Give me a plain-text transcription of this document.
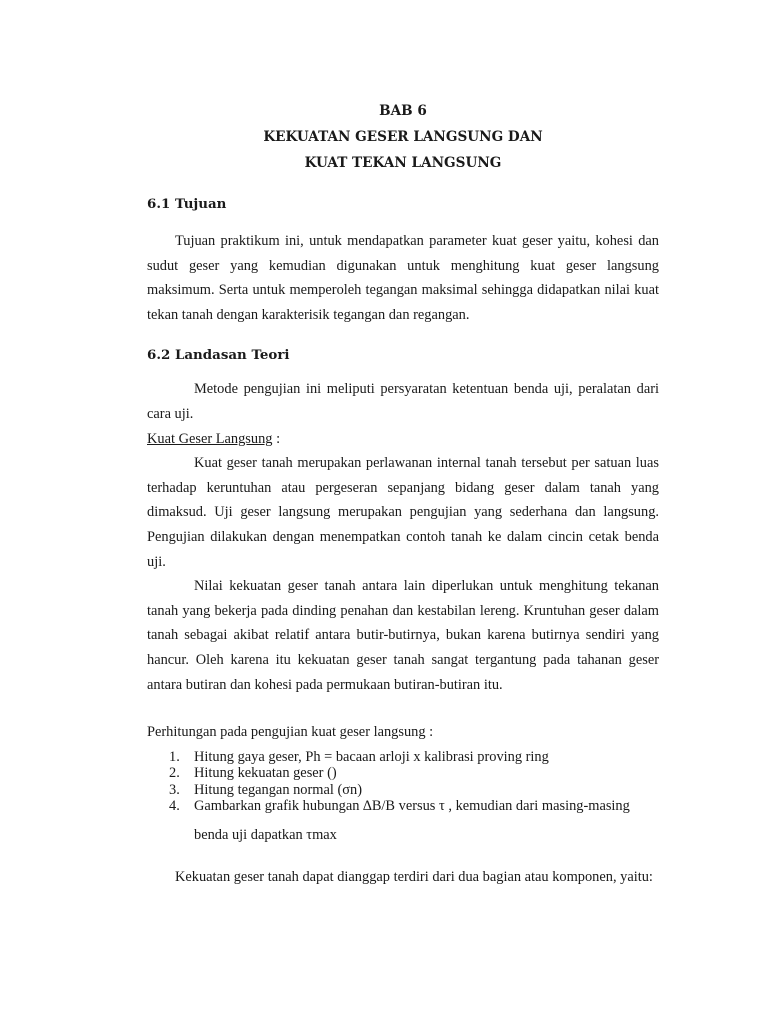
BAB 6
KEKUATAN GESER LANGSUNG DAN
KUAT TEKAN LANGSUNG
6.1 Tujuan

Tujuan praktikum ini, untuk mendapatkan parameter kuat geser yaitu, kohesi dan sudut geser yang kemudian digunakan untuk menghitung kuat geser langsung maksimum. Serta untuk memperoleh tegangan maksimal sehingga didapatkan nilai kuat tekan tanah dengan karakterisik tegangan dan regangan.

6.2 Landasan Teori

Metode pengujian ini meliputi persyaratan ketentuan benda uji, peralatan dari cara uji.

Kuat Geser Langsung :

Kuat geser tanah merupakan perlawanan internal tanah tersebut per satuan luas terhadap keruntuhan atau pergeseran sepanjang bidang geser dalam tanah yang dimaksud. Uji geser langsung merupakan pengujian yang sederhana dan langsung. Pengujian dilakukan dengan menempatkan contoh tanah ke dalam cincin cetak benda uji.

Nilai kekuatan geser tanah antara lain diperlukan untuk menghitung tekanan tanah yang bekerja pada dinding penahan dan kestabilan lereng. Kruntuhan geser dalam tanah sebagai akibat relatif antara butir-butirnya, bukan karena butirnya sendiri yang hancur. Oleh karena itu kekuatan geser tanah sangat tergantung pada tahanan geser antara butiran dan kohesi pada permukaan butiran-butiran itu.

Perhitungan pada pengujian kuat geser langsung :

1. Hitung gaya geser, Ph = bacaan arloji x kalibrasi proving ring
2. Hitung kekuatan geser ()
3. Hitung tegangan normal (σn)
4. Gambarkan grafik hubungan ∆B/B versus τ , kemudian dari masing-masing
benda uji dapatkan τmax

Kekuatan geser tanah dapat dianggap terdiri dari dua bagian atau komponen, yaitu:
